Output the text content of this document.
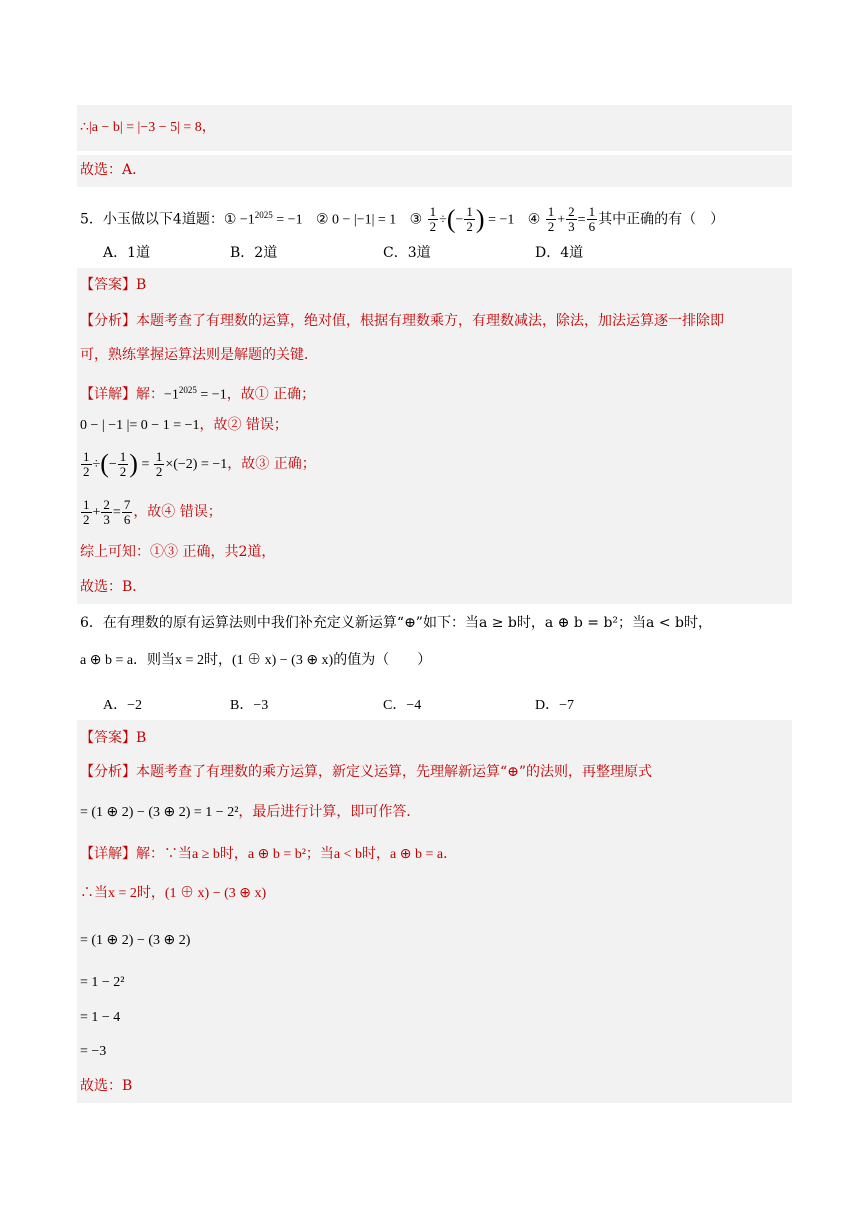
∴|a − b| = |−3 − 5| = 8，
故选：A．
5．小玉做以下4道题：① $-1^{2025} = -1$ ② 0 − |−1| = 1 ③ $\frac{1}{2}$ ÷(− $\frac{1}{2}$ ) = −1 ④ $\frac{1}{2} + \frac{2}{3} = \frac{1}{6}$ 其中正确的有（　）
A．1道	B．2道	C．3道	D．4道
【答案】B
【分析】本题考查了有理数的运算，绝对值，根据有理数乘方，有理数减法，除法，加法运算逐一排除即
可，熟练掌握运算法则是解题的关键．
【详解】解：$-1^{2025} = -1$，故① 正确；
0 − | −1 |= 0 − 1 = −1，故② 错误；
$\frac{1}{2}$ ÷(− $\frac{1}{2}$ ) = $\frac{1}{2} \times(-2) = -1$，故③ 正确；
$\frac{1}{2} + \frac{2}{3} = \frac{7}{6}$ ，故④ 错误；
综上可知：①③ 正确，共2道，
故选：B．
6．在有理数的原有运算法则中我们补充定义新运算“⊕”如下：当a ≥ b时，a ⊕ b = b²；当a < b时，
a ⊕ b = a．则当x = 2时，(1 ⊕ x) − (3 ⊕ x)的值为（　　）
A．−2	B．−3	C．−4	D．−7
【答案】B
【分析】本题考查了有理数的乘方运算，新定义运算，先理解新运算“⊕”的法则，再整理原式
= (1 ⊕ 2) − (3 ⊕ 2) = 1 − 2²，最后进行计算，即可作答．
【详解】解：∵当a ≥ b时，a ⊕ b = b²；当a < b时，a ⊕ b = a．
∴当x = 2时，(1 ⊕ x) − (3 ⊕ x)
= (1 ⊕ 2) − (3 ⊕ 2)
= 1 − 2²
= 1 − 4
= −3
故选：B
